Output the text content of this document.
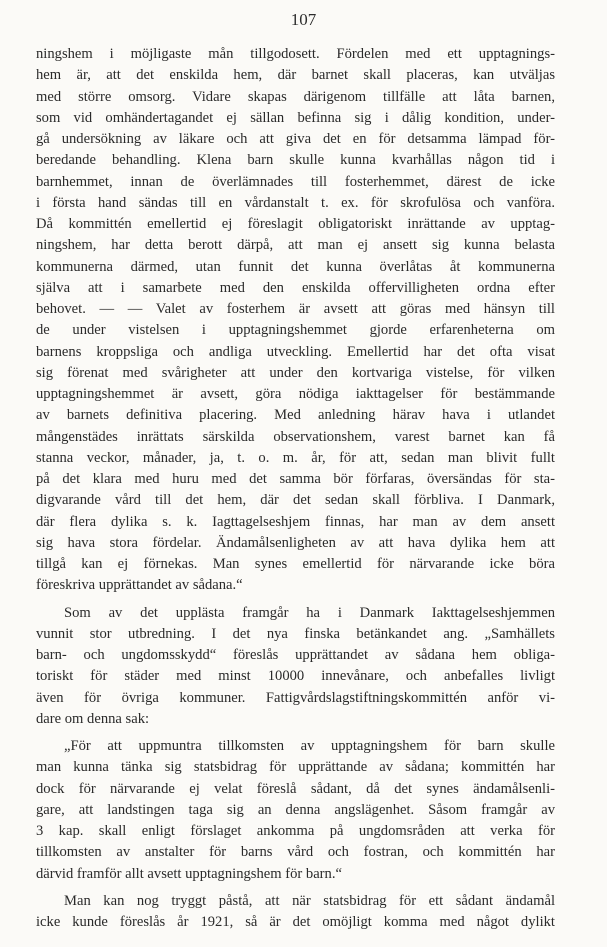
107
ningshem i möjligaste mån tillgodosett. Fördelen med ett upptagnings-
hem är, att det enskilda hem, där barnet skall placeras, kan utväljas
med större omsorg. Vidare skapas därigenom tillfälle att låta barnen,
som vid omhändertagandet ej sällan befinna sig i dålig kondition, under-
gå undersökning av läkare och att giva det en för detsamma lämpad för-
beredande behandling. Klena barn skulle kunna kvarhållas någon tid i
barnhemmet, innan de överlämnades till fosterhemmet, därest de icke
i första hand sändas till en vårdanstalt t. ex. för skrofulösa och vanföra.
Då kommittén emellertid ej föreslagit obligatoriskt inrättande av upptag-
ningshem, har detta berott därpå, att man ej ansett sig kunna belasta
kommunerna därmed, utan funnit det kunna överlåtas åt kommunerna
själva att i samarbete med den enskilda offervilligheten ordna efter
behovet. — — Valet av fosterhem är avsett att göras med hänsyn till
de under vistelsen i upptagningshemmet gjorde erfarenheterna om
barnens kroppsliga och andliga utveckling. Emellertid har det ofta visat
sig förenat med svårigheter att under den kortvariga vistelse, för vilken
upptagningshemmet är avsett, göra nödiga iakttagelser för bestämmande
av barnets definitiva placering. Med anledning härav hava i utlandet
mångenstädes inrättats särskilda observationshem, varest barnet kan få
stanna veckor, månader, ja, t. o. m. år, för att, sedan man blivit fullt
på det klara med huru med det samma bör förfaras, översändas för sta-
digvarande vård till det hem, där det sedan skall förbliva. I Danmark,
där flera dylika s. k. Iagttagelseshjem finnas, har man av dem ansett
sig hava stora fördelar. Ändamålsenligheten av att hava dylika hem att
tillgå kan ej förnekas. Man synes emellertid för närvarande icke böra
föreskriva upprättandet av sådana.“
Som av det upplästa framgår ha i Danmark Iakttagelseshjemmen
vunnit stor utbredning. I det nya finska betänkandet ang. „Samhällets
barn- och ungdomsskydd“ föreslås upprättandet av sådana hem obliga-
toriskt för städer med minst 10000 innevånare, och anbefalles livligt
även för övriga kommuner. Fattigvårdslagstiftningskommittén anför vi-
dare om denna sak:
„För att uppmuntra tillkomsten av upptagningshem för barn skulle
man kunna tänka sig statsbidrag för upprättande av sådana; kommittén har
dock för närvarande ej velat föreslå sådant, då det synes ändamålsenli-
gare, att landstingen taga sig an denna angslägenhet. Såsom framgår av
3 kap. skall enligt förslaget ankomma på ungdomsråden att verka för
tillkomsten av anstalter för barns vård och fostran, och kommittén har
därvid framför allt avsett upptagningshem för barn.“
Man kan nog tryggt påstå, att när statsbidrag för ett sådant ändamål
icke kunde föreslås år 1921, så är det omöjligt komma med något dylikt
